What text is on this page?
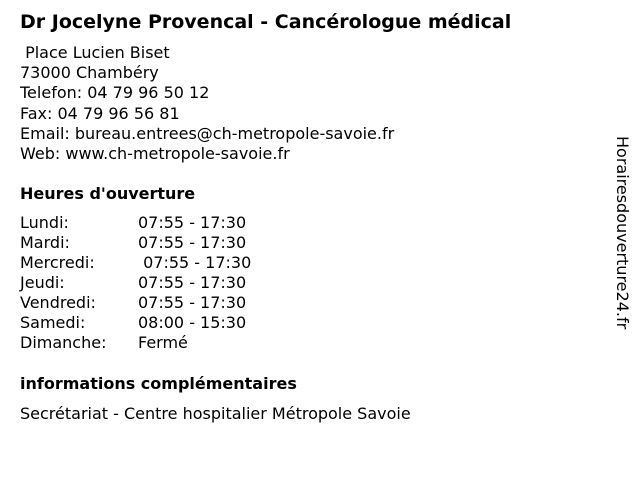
Dr Jocelyne Provencal - Cancérologue médical
Place Lucien Biset
73000 Chambéry
Telefon: 04 79 96 50 12
Fax: 04 79 96 56 81
Email: bureau.entrees@ch-metropole-savoie.fr
Web: www.ch-metropole-savoie.fr
Heures d'ouverture
Lundi:	07:55 - 17:30
Mardi:	07:55 - 17:30
Mercredi:	07:55 - 17:30
Jeudi:	07:55 - 17:30
Vendredi:	07:55 - 17:30
Samedi:	08:00 - 15:30
Dimanche:	Fermé
informations complémentaires
Secrétariat - Centre hospitalier Métropole Savoie
Horairesdouverture24.fr
